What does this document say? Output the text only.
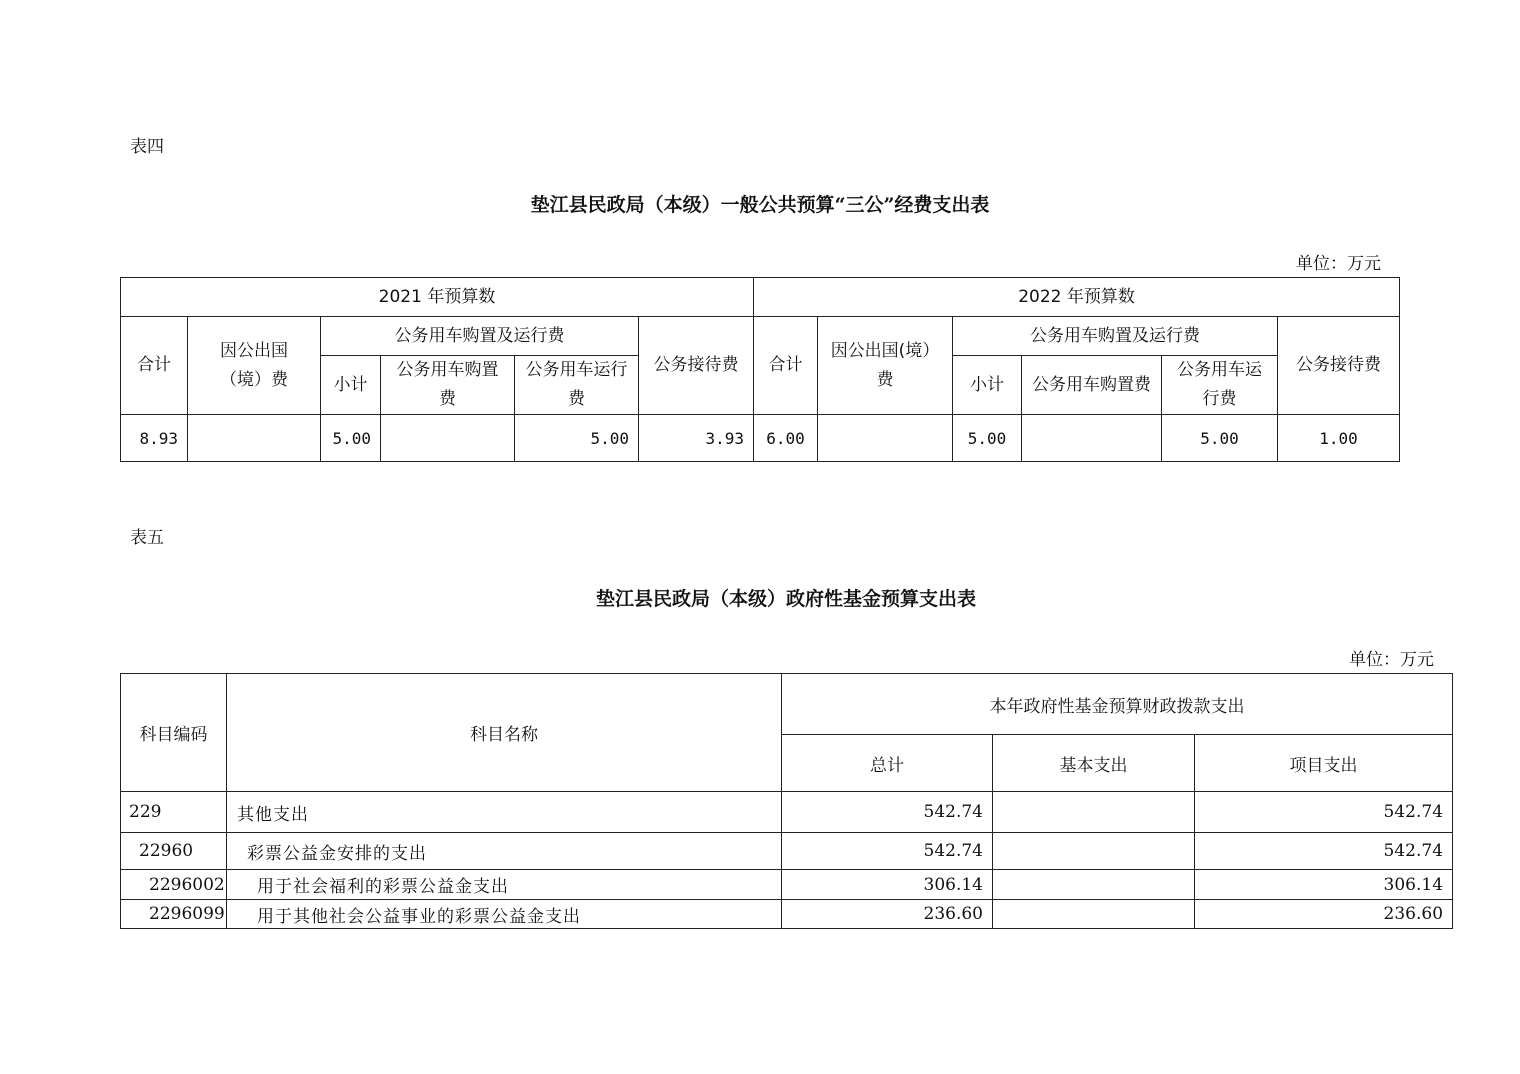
表四
垫江县民政局（本级）一般公共预算“三公”经费支出表
单位：万元
2021 年预算数						2022 年预算数					
合计	因公出国（境）费	公务用车购置及运行费			公务接待费	合计	因公出国(境）费	公务用车购置及运行费			公务接待费
		小计	公务用车购置费	公务用车运行费				小计	公务用车购置费	公务用车运行费	
8.93		5.00		5.00	3.93	6.00		5.00		5.00	1.00
表五
垫江县民政局（本级）政府性基金预算支出表
单位：万元
科目编码	科目名称	本年政府性基金预算财政拨款支出		
		总计	基本支出	项目支出
229	其他支出	542.74		542.74
22960	彩票公益金安排的支出	542.74		542.74
2296002	用于社会福利的彩票公益金支出	306.14		306.14
2296099	用于其他社会公益事业的彩票公益金支出	236.60		236.60
